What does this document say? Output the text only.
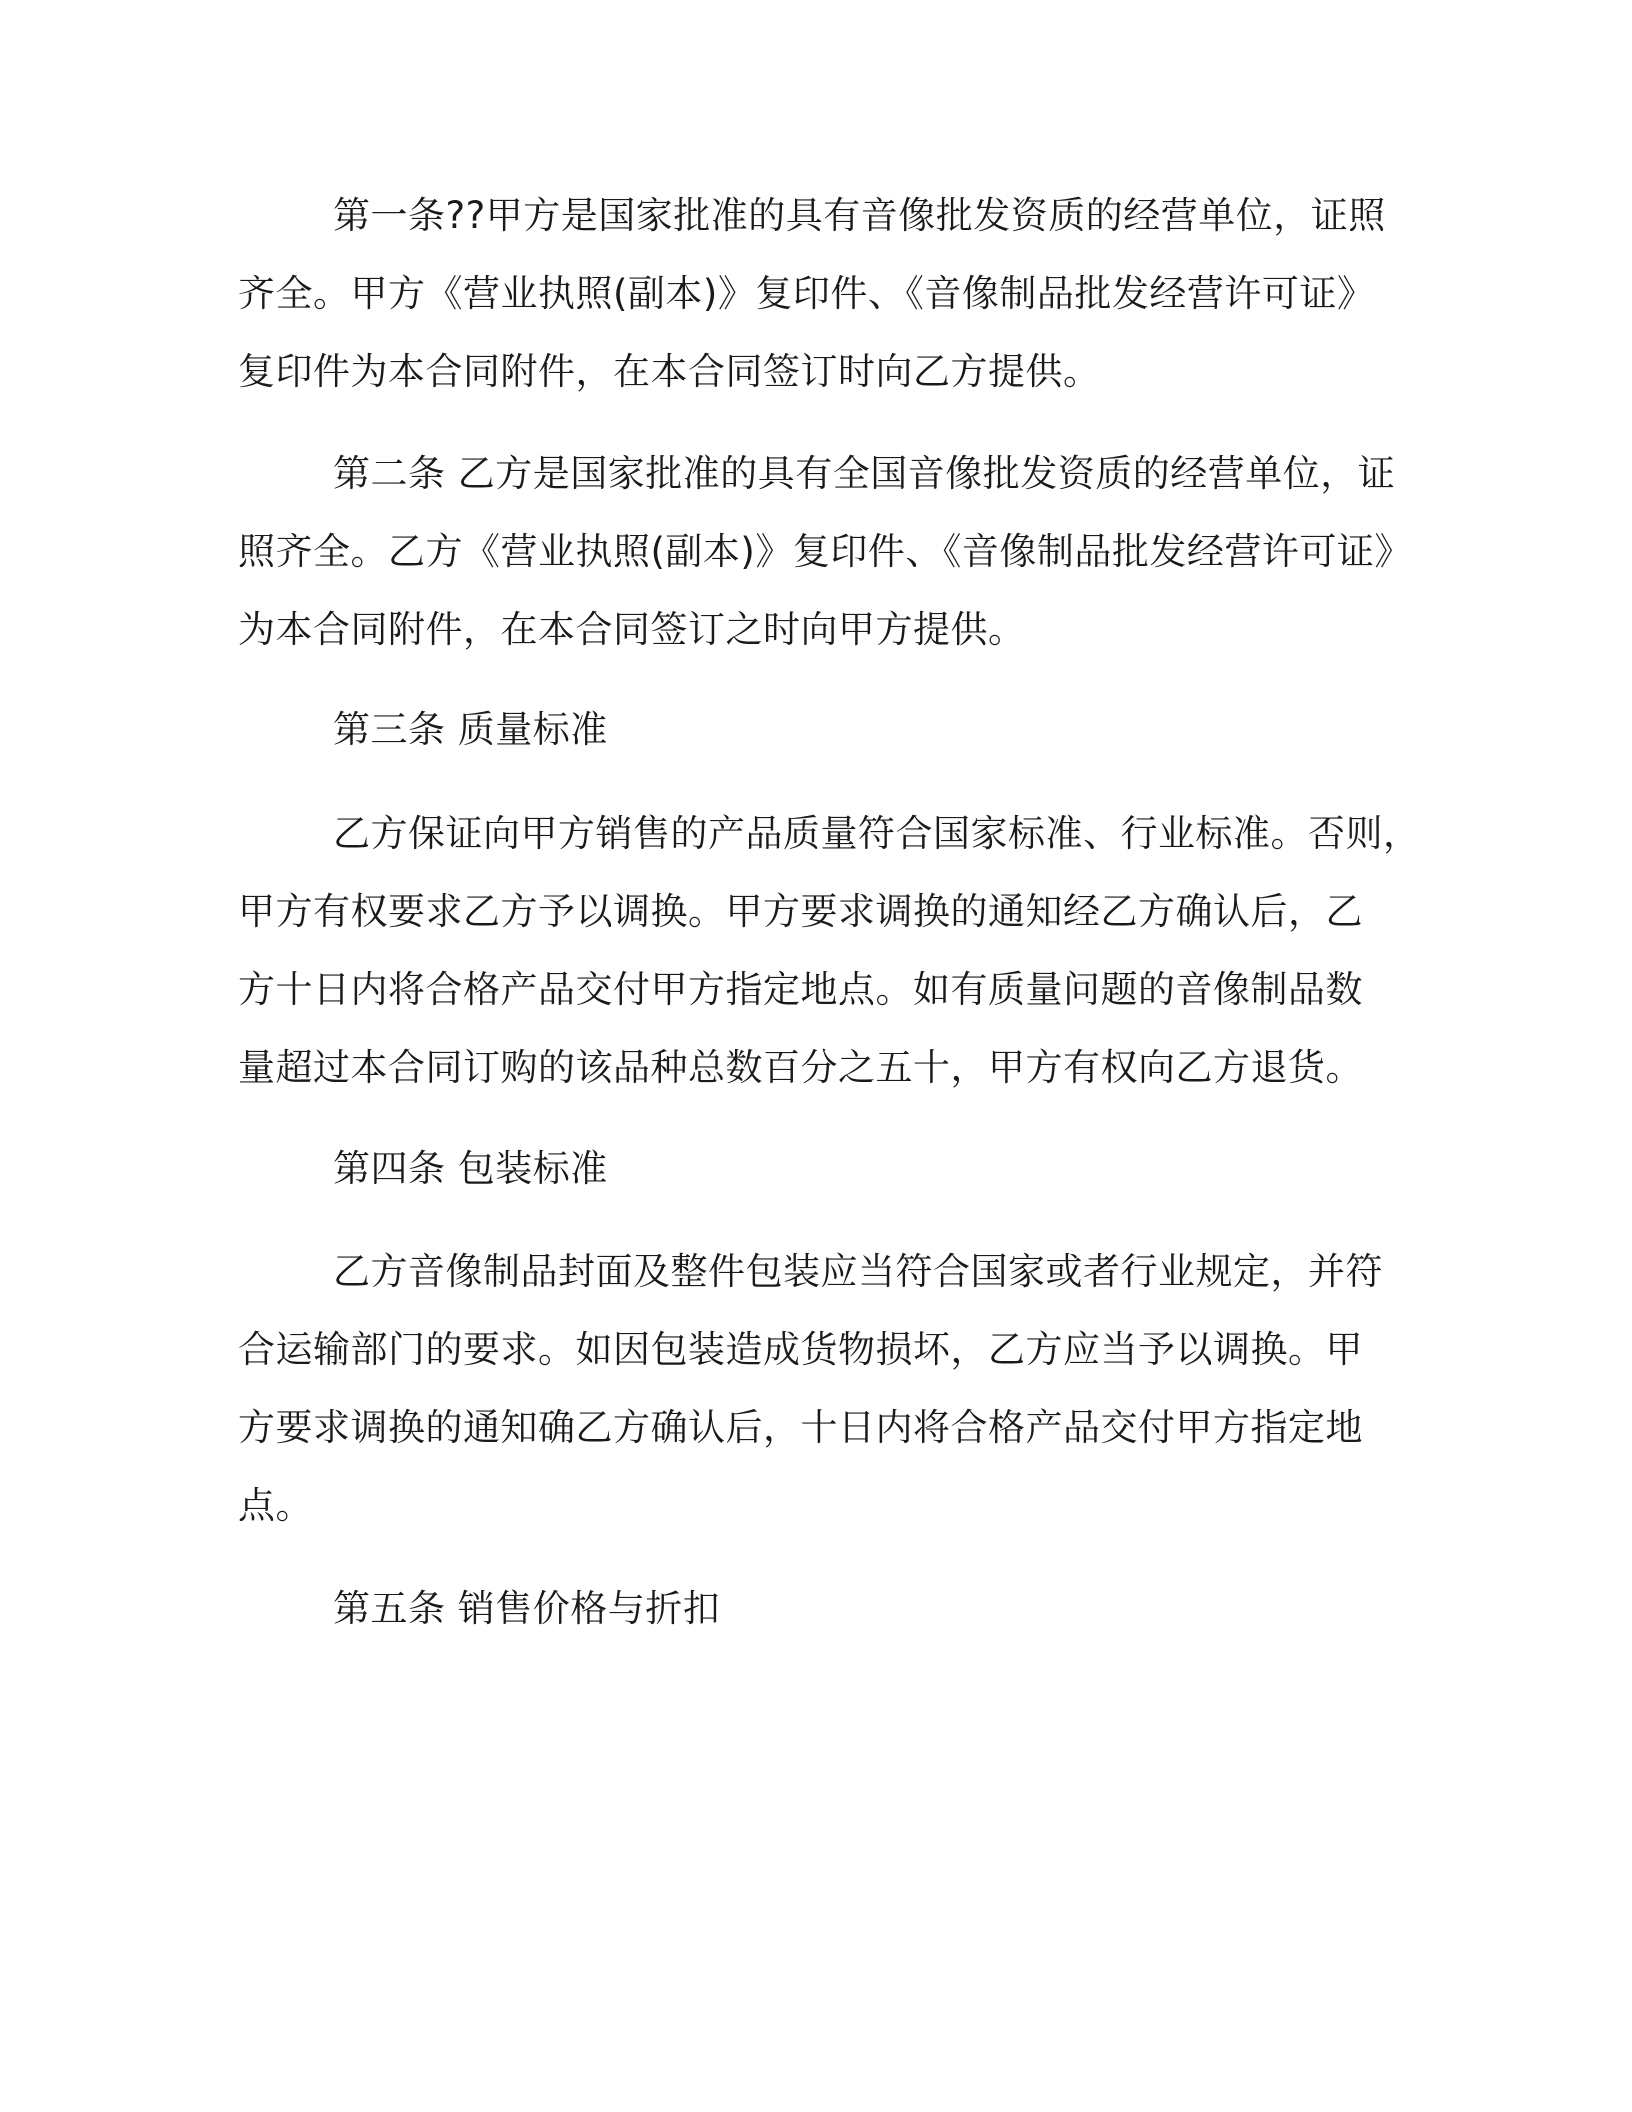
第一条??甲方是国家批准的具有音像批发资质的经营单位，证照
齐全。甲方《营业执照(副本)》复印件、《音像制品批发经营许可证》
复印件为本合同附件，在本合同签订时向乙方提供。
第二条 乙方是国家批准的具有全国音像批发资质的经营单位，证
照齐全。乙方《营业执照(副本)》复印件、《音像制品批发经营许可证》
为本合同附件，在本合同签订之时向甲方提供。
第三条 质量标准
乙方保证向甲方销售的产品质量符合国家标准、行业标准。否则，
甲方有权要求乙方予以调换。甲方要求调换的通知经乙方确认后，乙
方十日内将合格产品交付甲方指定地点。如有质量问题的音像制品数
量超过本合同订购的该品种总数百分之五十，甲方有权向乙方退货。
第四条 包装标准
乙方音像制品封面及整件包装应当符合国家或者行业规定，并符
合运输部门的要求。如因包装造成货物损坏，乙方应当予以调换。甲
方要求调换的通知确乙方确认后，十日内将合格产品交付甲方指定地
点。
第五条 销售价格与折扣
